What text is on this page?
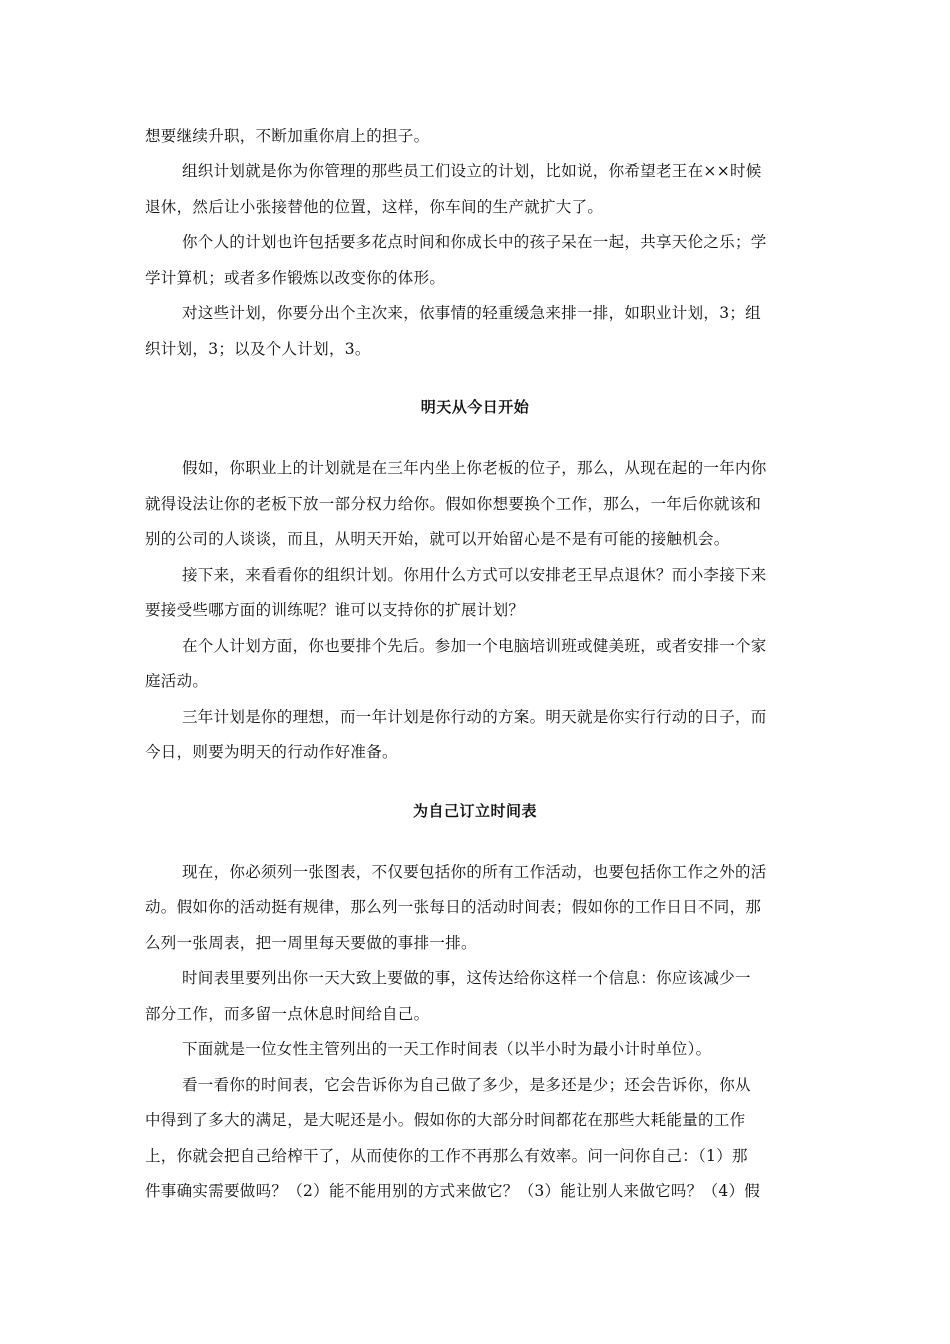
想要继续升职，不断加重你肩上的担子。
组织计划就是你为你管理的那些员工们设立的计划，比如说，你希望老王在××时候
退休，然后让小张接替他的位置，这样，你车间的生产就扩大了。
你个人的计划也许包括要多花点时间和你成长中的孩子呆在一起，共享天伦之乐；学
学计算机；或者多作锻炼以改变你的体形。
对这些计划，你要分出个主次来，依事情的轻重缓急来排一排，如职业计划，3；组
织计划，3；以及个人计划，3。
明天从今日开始
假如，你职业上的计划就是在三年内坐上你老板的位子，那么，从现在起的一年内你
就得设法让你的老板下放一部分权力给你。假如你想要换个工作，那么，一年后你就该和
别的公司的人谈谈，而且，从明天开始，就可以开始留心是不是有可能的接触机会。
接下来，来看看你的组织计划。你用什么方式可以安排老王早点退休？而小李接下来
要接受些哪方面的训练呢？谁可以支持你的扩展计划？
在个人计划方面，你也要排个先后。参加一个电脑培训班或健美班，或者安排一个家
庭活动。
三年计划是你的理想，而一年计划是你行动的方案。明天就是你实行行动的日子，而
今日，则要为明天的行动作好准备。
为自己订立时间表
现在，你必须列一张图表，不仅要包括你的所有工作活动，也要包括你工作之外的活
动。假如你的活动挺有规律，那么列一张每日的活动时间表；假如你的工作日日不同，那
么列一张周表，把一周里每天要做的事排一排。
时间表里要列出你一天大致上要做的事，这传达给你这样一个信息：你应该减少一
部分工作，而多留一点休息时间给自己。
下面就是一位女性主管列出的一天工作时间表（以半小时为最小计时单位）。
看一看你的时间表，它会告诉你为自己做了多少，是多还是少；还会告诉你，你从
中得到了多大的满足，是大呢还是小。假如你的大部分时间都花在那些大耗能量的工作
上，你就会把自己给榨干了，从而使你的工作不再那么有效率。问一问你自己：（1）那
件事确实需要做吗？（2）能不能用别的方式来做它？（3）能让别人来做它吗？（4）假
